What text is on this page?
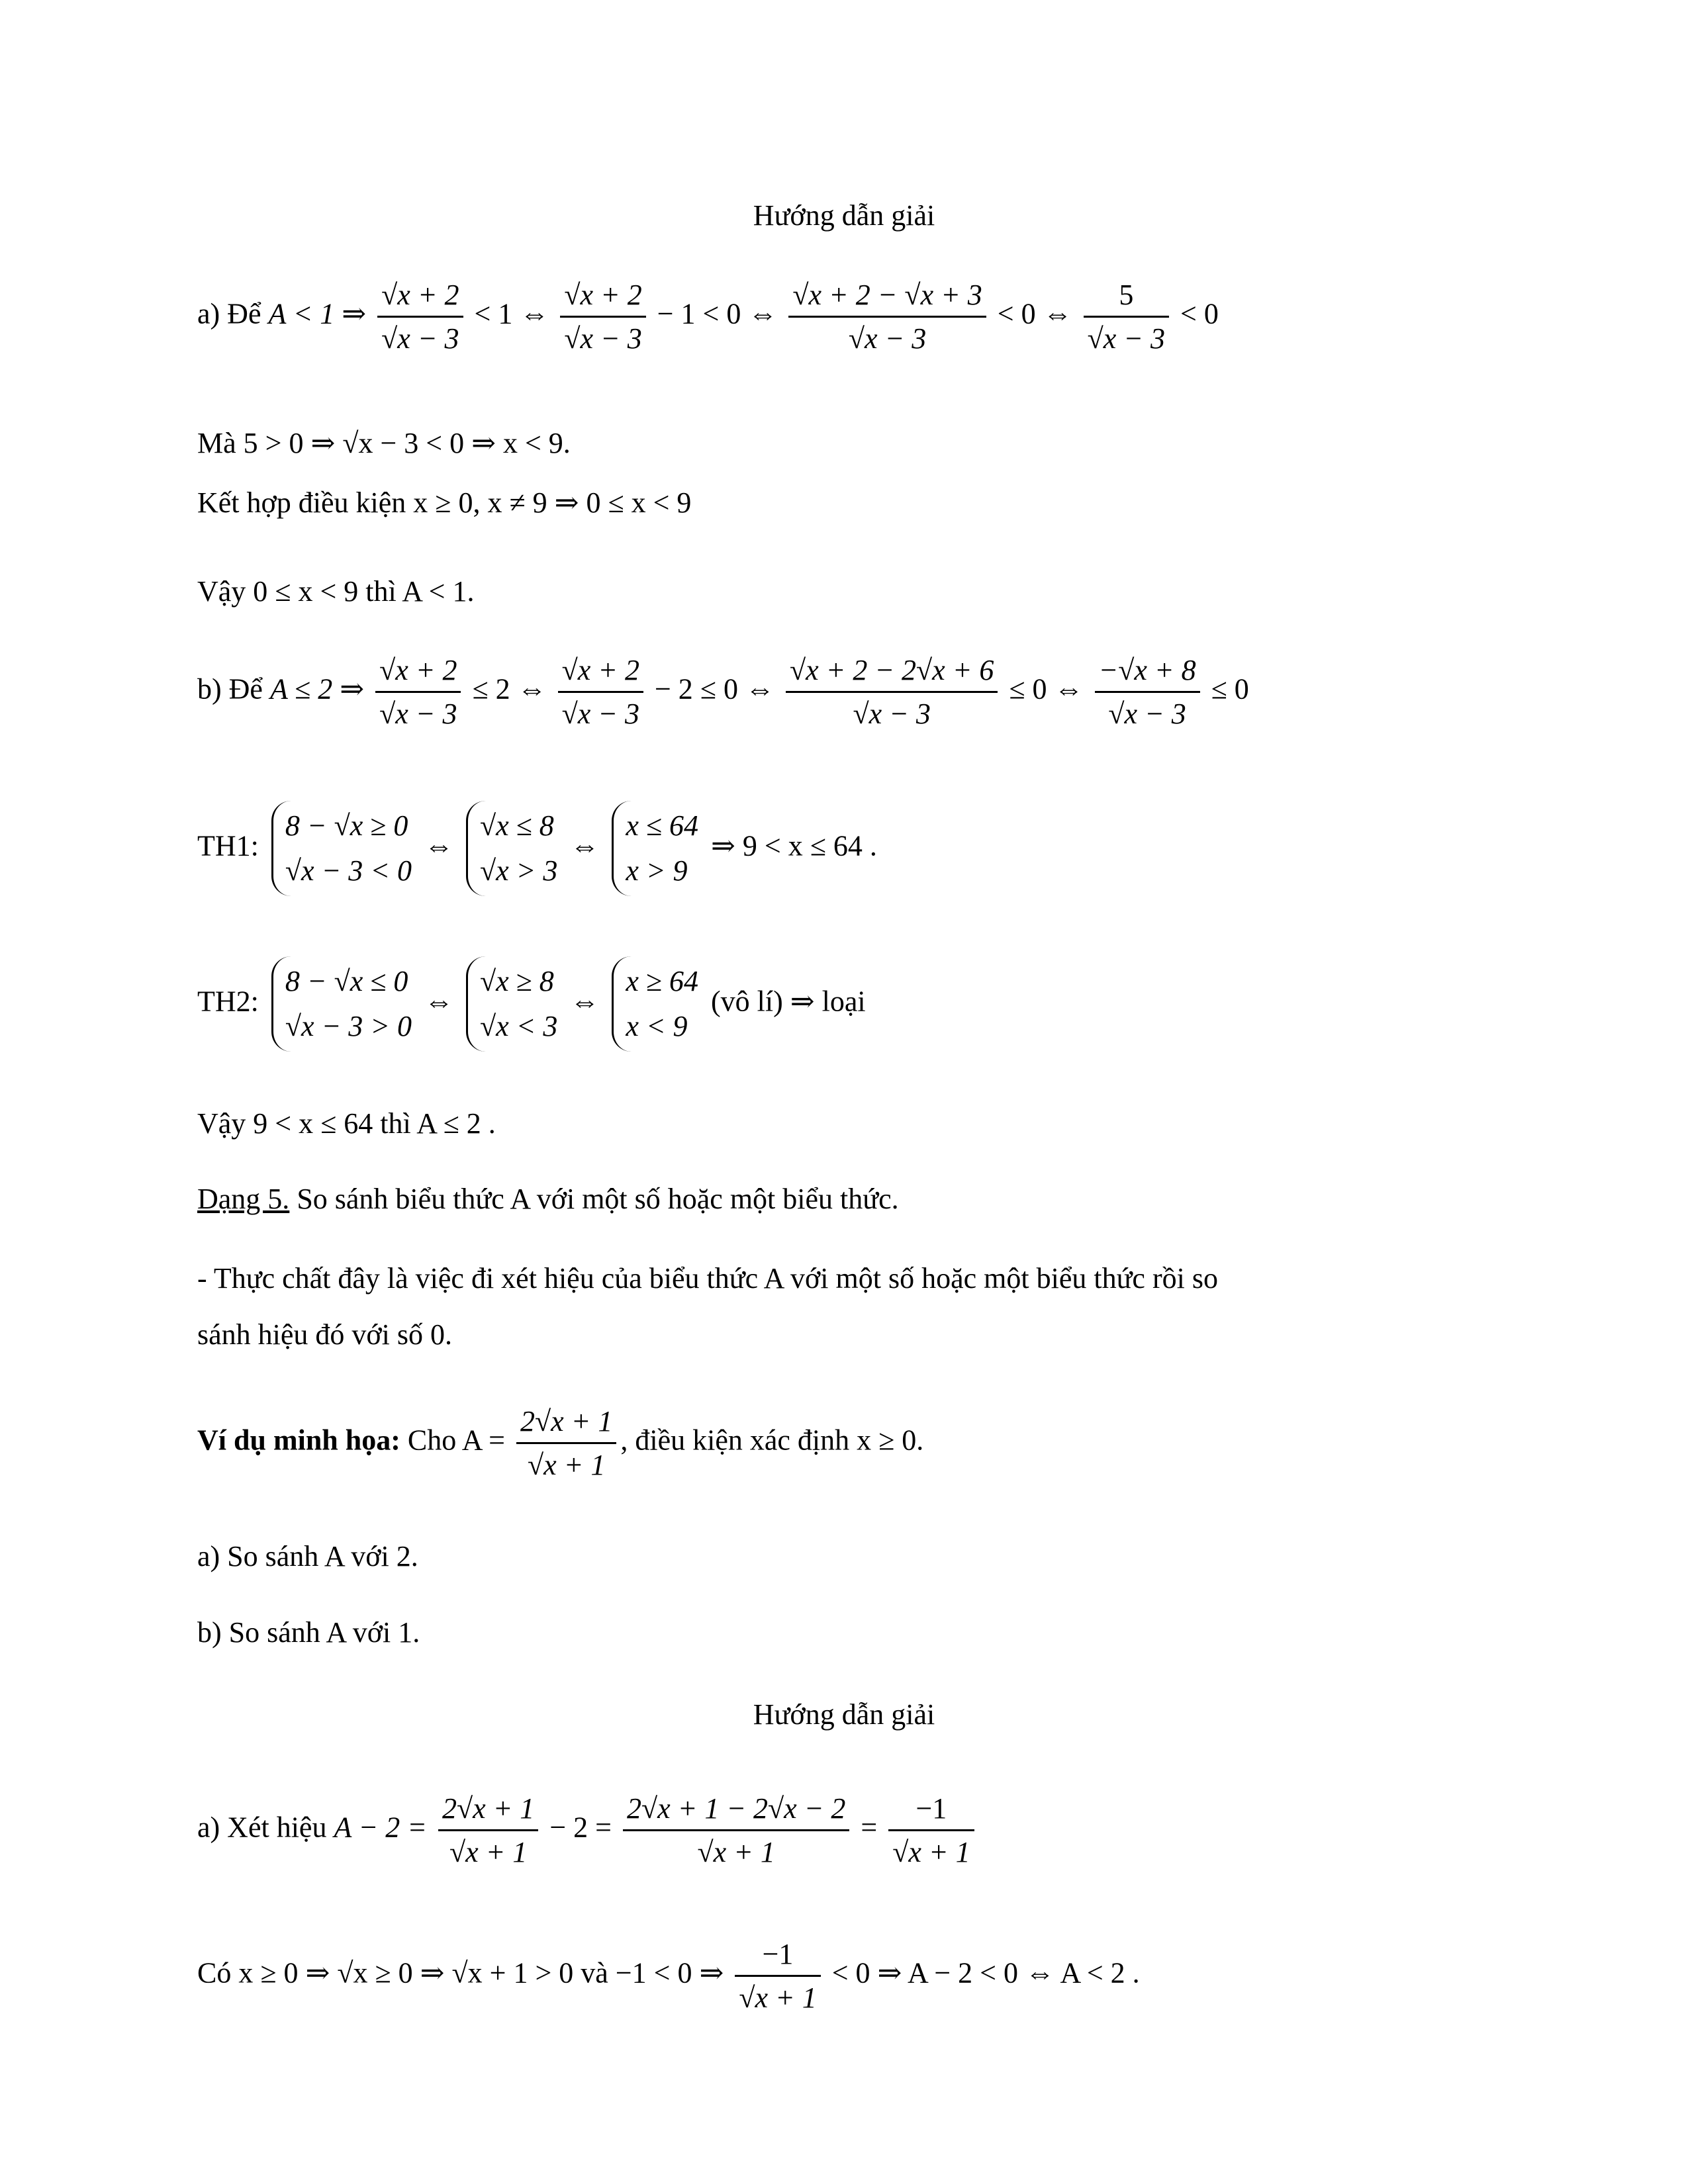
Hướng dẫn giải
a) Để A < 1 ⇒ $\frac{√x + 2}{√x - 3} < 1$ ⇔ $\frac{√x + 2}{√x - 3} - 1 < 0$ ⇔ $\frac{√x + 2 - √x + 3}{√x - 3} < 0$ ⇔ $\frac{5}{√x - 3} < 0$
Mà 5 > 0 ⇒ √x − 3 < 0 ⇒ x < 9.
Kết hợp điều kiện x ≥ 0, x ≠ 9 ⇒ 0 ≤ x < 9
Vậy 0 ≤ x < 9 thì A < 1.
b) Để A ≤ 2 ⇒ $\frac{√x + 2}{√x - 3} \le 2$ ⇔ $\frac{√x + 2}{√x - 3} - 2 \le 0$ ⇔ $\frac{√x + 2 - 2√x + 6}{√x - 3} \le 0$ ⇔ $\frac{-√x + 8}{√x - 3} \le 0$
TH1:
8 − √x ≥ 0
√x − 3 < 0
⇔
√x ≤ 8
√x > 3
⇔
x ≤ 64
x > 9
⇒ 9 < x ≤ 64 .
TH2:
8 − √x ≤ 0
√x − 3 > 0
⇔
√x ≥ 8
√x < 3
⇔
x ≥ 64
x < 9
(vô lí) ⇒ loại
Vậy 9 < x ≤ 64 thì A ≤ 2 .
Dạng 5. So sánh biểu thức A với một số hoặc một biểu thức.
- Thực chất đây là việc đi xét hiệu của biểu thức A với một số hoặc một biểu thức rồi so
sánh hiệu đó với số 0.
Ví dụ minh họa: Cho $A = \frac{2√x + 1}{√x + 1}$ , điều kiện xác định x ≥ 0.
a) So sánh A với 2.
b) So sánh A với 1.
Hướng dẫn giải
a) Xét hiệu $A - 2 = \frac{2√x + 1}{√x + 1} - 2 = \frac{2√x + 1 - 2√x - 2}{√x + 1} = \frac{-1}{√x + 1}$
Có x ≥ 0 ⇒ √x ≥ 0 ⇒ √x + 1 > 0 và −1 < 0 ⇒ $\frac{-1}{√x + 1} < 0$ ⇒ A − 2 < 0 ⇔ A < 2 .
